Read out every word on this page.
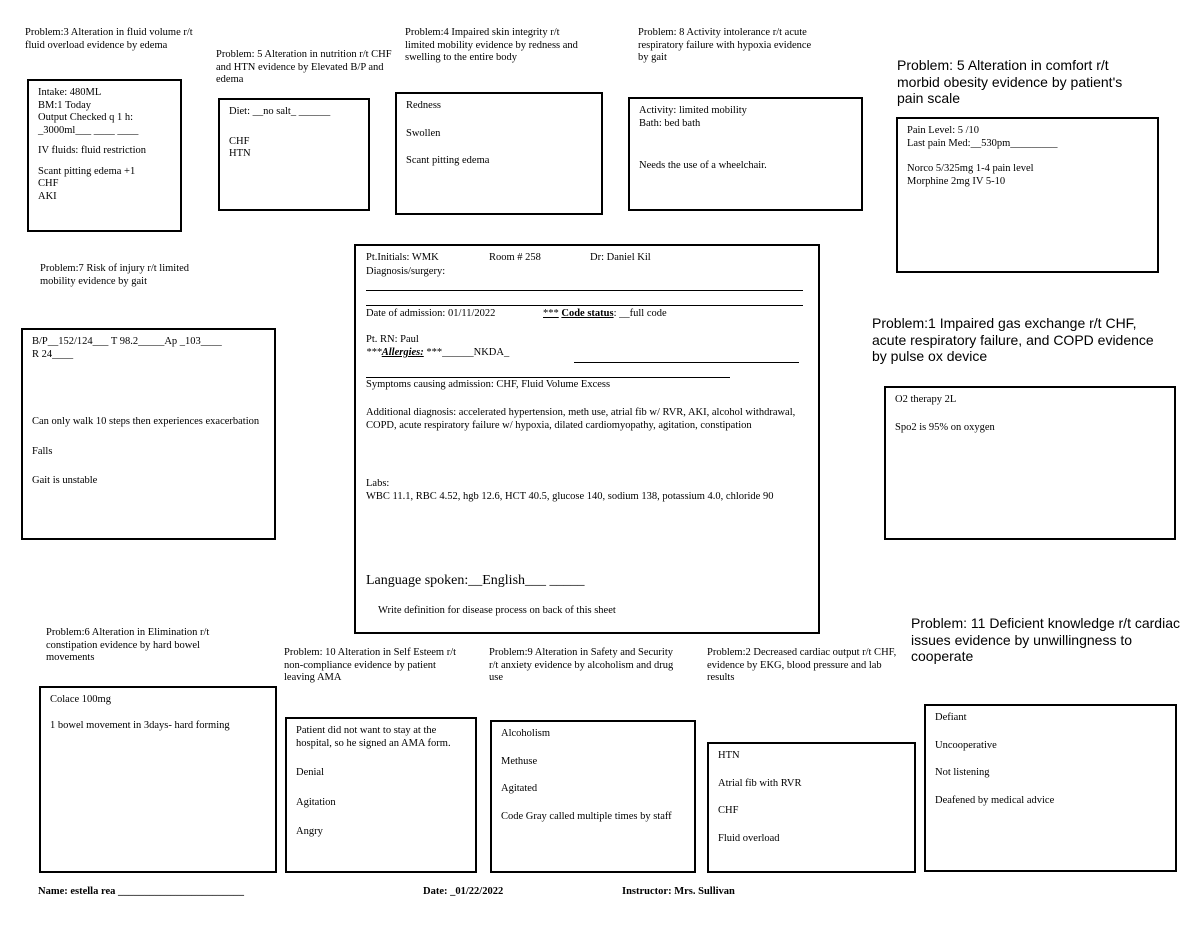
Problem:3 Alteration in fluid volume r/t fluid overload evidence by edema

Intake: 480ML

BM:1 Today

Output Checked q 1 h:

_3000ml___ ____ ____

IV fluids: fluid restriction

Scant pitting edema +1

CHF

AKI

Problem: 5 Alteration in nutrition r/t CHF and HTN evidence by Elevated B/P and edema

Diet: __no salt_ ______

CHF

HTN

Problem:4 Impaired skin integrity r/t limited mobility evidence by redness and swelling to the entire body

Redness

Swollen

Scant pitting edema

Problem: 8 Activity intolerance r/t acute respiratory failure with hypoxia evidence by gait

Activity: limited mobility

Bath: bed bath

Needs the use of a wheelchair.

Problem: 5 Alteration in comfort r/t morbid obesity evidence by patient's pain scale

Pain Level: 5 /10

Last pain Med:__530pm_________

Norco 5/325mg 1-4 pain level

Morphine 2mg IV 5-10

Problem:7 Risk of injury r/t limited mobility evidence by gait

B/P__152/124___ T 98.2_____Ap _103____

R 24____

Can only walk 10 steps then experiences exacerbation

Falls

Gait is unstable

Pt.Initials: WMK	Room # 258	Dr: Daniel Kil
Diagnosis/surgery:
Date of admission: 01/11/2022	*** Code status: __full code
Pt. RN: Paul
***Allergies: ***______NKDA_
Symptoms causing admission: CHF, Fluid Volume Excess
Additional diagnosis: accelerated hypertension, meth use, atrial fib w/ RVR, AKI, alcohol withdrawal, COPD, acute respiratory failure w/ hypoxia, dilated cardiomyopathy, agitation, constipation
Labs:
WBC 11.1, RBC 4.52, hgb 12.6, HCT 40.5, glucose 140, sodium 138, potassium 4.0, chloride 90
Language spoken:__English___ _____
Write definition for disease process on back of this sheet
Problem:1 Impaired gas exchange r/t CHF, acute respiratory failure, and COPD evidence by pulse ox device

O2 therapy 2L

Spo2 is 95% on oxygen

Problem:6 Alteration in Elimination r/t constipation evidence by hard bowel movements

Colace 100mg

1 bowel movement in 3days- hard forming

Problem: 10 Alteration in Self Esteem r/t non-compliance evidence by patient leaving AMA

Patient did not want to stay at the hospital, so he signed an AMA form.

Denial

Agitation

Angry

Problem:9 Alteration in Safety and Security r/t anxiety evidence by alcoholism and drug use

Alcoholism

Methuse

Agitated

Code Gray called multiple times by staff

Problem:2 Decreased cardiac output r/t CHF, evidence by EKG, blood pressure and lab results

HTN

Atrial fib with RVR

CHF

Fluid overload

Problem: 11 Deficient knowledge r/t cardiac issues evidence by unwillingness to cooperate

Defiant

Uncooperative

Not listening

Deafened by medical advice

Name: estella rea ________________________	Date: _01/22/2022	Instructor: Mrs. Sullivan
